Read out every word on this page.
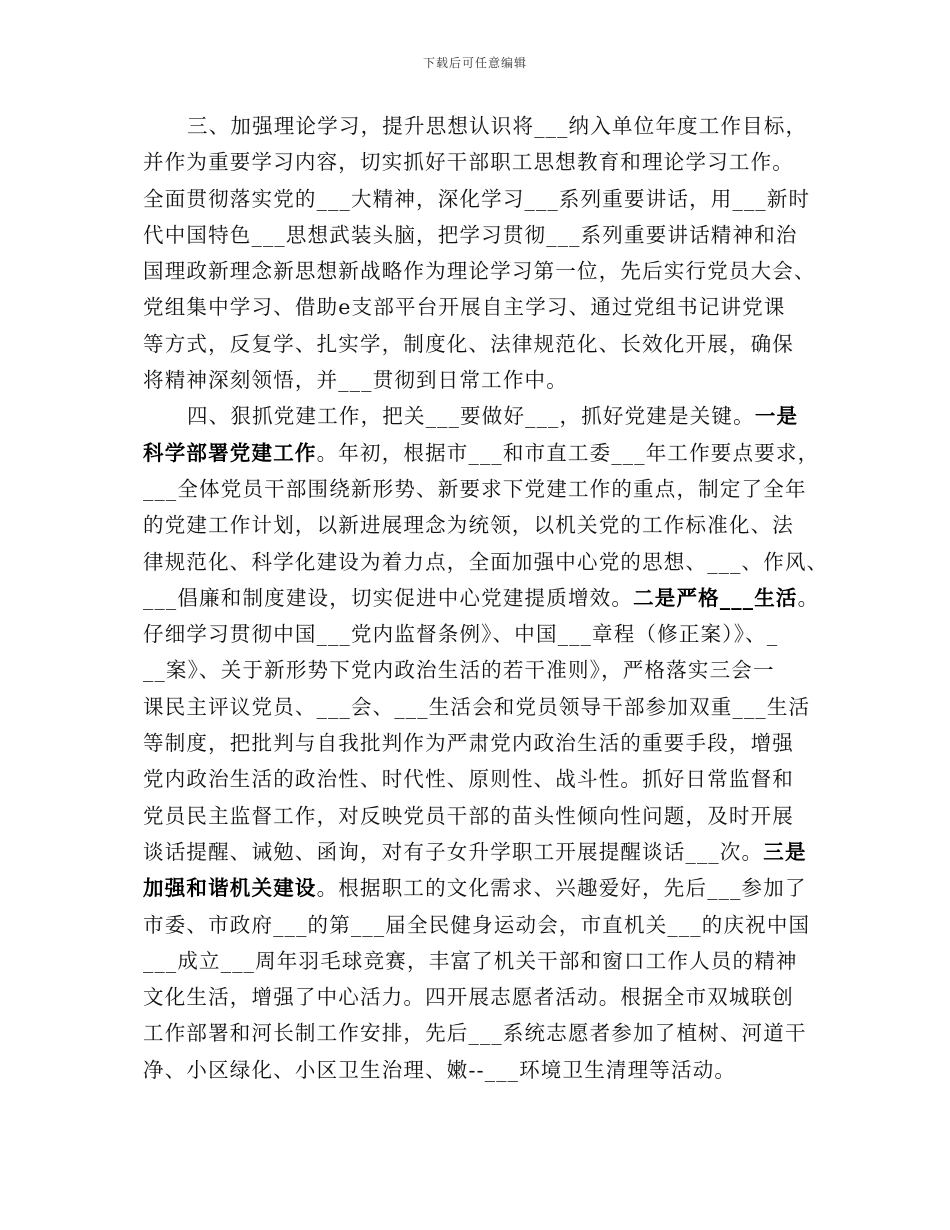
下载后可任意编辑
三、加强理论学习，提升思想认识将___纳入单位年度工作目标，
并作为重要学习内容，切实抓好干部职工思想教育和理论学习工作。
全面贯彻落实党的___大精神，深化学习___系列重要讲话，用___新时
代中国特色___思想武装头脑，把学习贯彻___系列重要讲话精神和治
国理政新理念新思想新战略作为理论学习第一位，先后实行党员大会、
党组集中学习、借助e支部平台开展自主学习、通过党组书记讲党课
等方式，反复学、扎实学，制度化、法律规范化、长效化开展，确保
将精神深刻领悟，并___贯彻到日常工作中。
四、狠抓党建工作，把关___要做好___，抓好党建是关键。一是
科学部署党建工作。年初，根据市___和市直工委___年工作要点要求，
___全体党员干部围绕新形势、新要求下党建工作的重点，制定了全年
的党建工作计划，以新进展理念为统领，以机关党的工作标准化、法
律规范化、科学化建设为着力点，全面加强中心党的思想、___、作风、
___倡廉和制度建设，切实促进中心党建提质增效。二是严格___生活。
仔细学习贯彻中国___党内监督条例》、中国___章程（修正案）》、_
__案》、关于新形势下党内政治生活的若干准则》，严格落实三会一
课民主评议党员、___会、___生活会和党员领导干部参加双重___生活
等制度，把批判与自我批判作为严肃党内政治生活的重要手段，增强
党内政治生活的政治性、时代性、原则性、战斗性。抓好日常监督和
党员民主监督工作，对反映党员干部的苗头性倾向性问题，及时开展
谈话提醒、诫勉、函询，对有子女升学职工开展提醒谈话___次。三是
加强和谐机关建设。根据职工的文化需求、兴趣爱好，先后___参加了
市委、市政府___的第___届全民健身运动会，市直机关___的庆祝中国
___成立___周年羽毛球竞赛，丰富了机关干部和窗口工作人员的精神
文化生活，增强了中心活力。四开展志愿者活动。根据全市双城联创
工作部署和河长制工作安排，先后___系统志愿者参加了植树、河道干
净、小区绿化、小区卫生治理、嫩--___环境卫生清理等活动。
